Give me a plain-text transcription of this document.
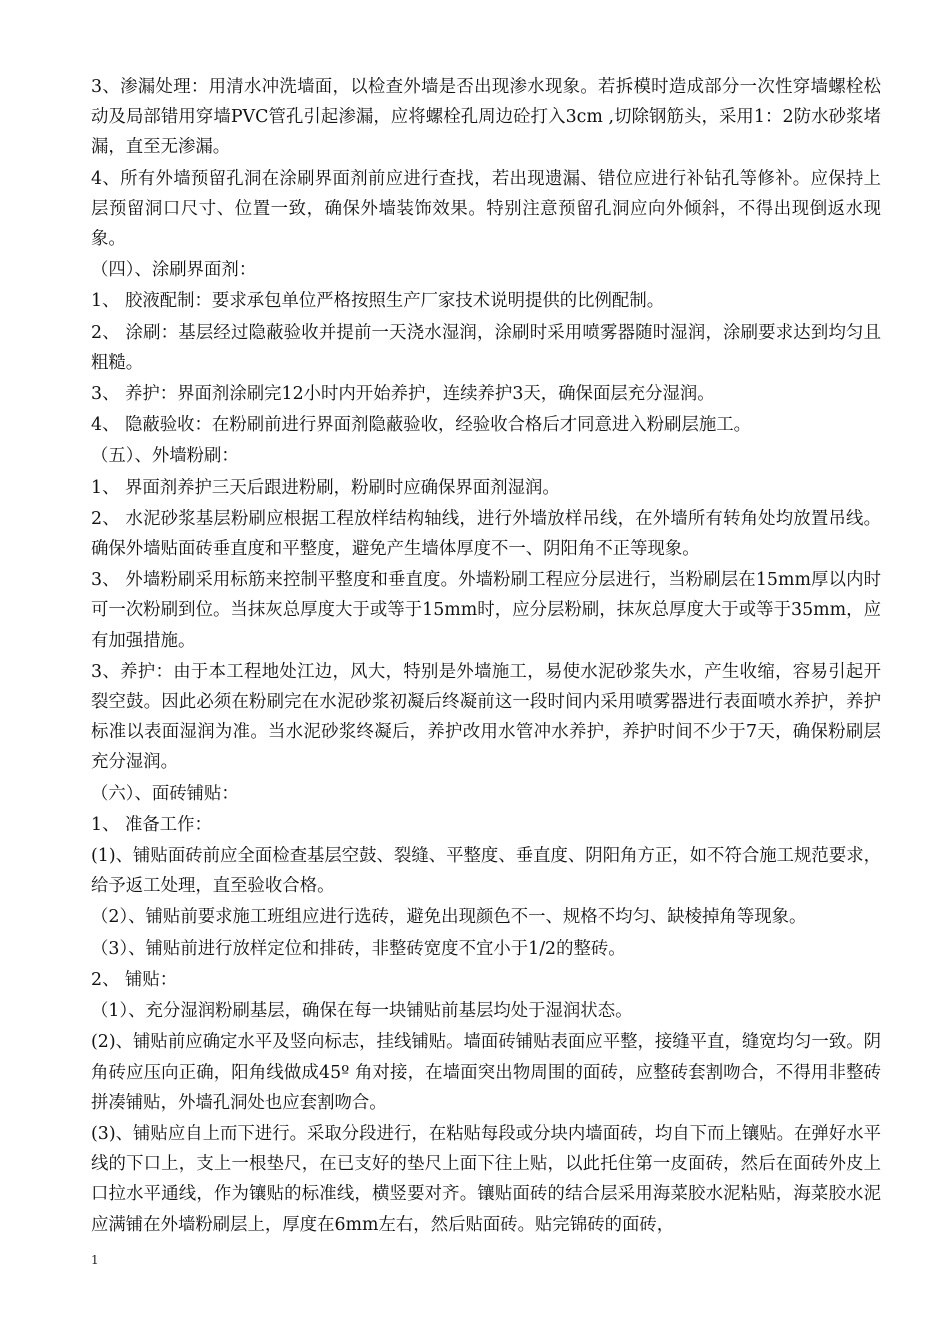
3、渗漏处理：用清水冲洗墙面，以检查外墙是否出现渗水现象。若拆模时造成部分一次性穿墙螺栓松动及局部错用穿墙PVC管孔引起渗漏，应将螺栓孔周边砼打入3cm ,切除钢筋头，采用1：2防水砂浆堵漏，直至无渗漏。

4、所有外墙预留孔洞在涂刷界面剂前应进行查找，若出现遗漏、错位应进行补钻孔等修补。应保持上层预留洞口尺寸、位置一致，确保外墙装饰效果。特别注意预留孔洞应向外倾斜，不得出现倒返水现象。

（四）、涂刷界面剂：

1、 胶液配制：要求承包单位严格按照生产厂家技术说明提供的比例配制。

2、 涂刷：基层经过隐蔽验收并提前一天浇水湿润，涂刷时采用喷雾器随时湿润，涂刷要求达到均匀且粗糙。

3、 养护：界面剂涂刷完12小时内开始养护，连续养护3天，确保面层充分湿润。

4、 隐蔽验收：在粉刷前进行界面剂隐蔽验收，经验收合格后才同意进入粉刷层施工。

（五）、外墙粉刷：

1、 界面剂养护三天后跟进粉刷，粉刷时应确保界面剂湿润。

2、 水泥砂浆基层粉刷应根据工程放样结构轴线，进行外墙放样吊线，在外墙所有转角处均放置吊线。确保外墙贴面砖垂直度和平整度，避免产生墙体厚度不一、阴阳角不正等现象。

3、 外墙粉刷采用标筋来控制平整度和垂直度。外墙粉刷工程应分层进行，当粉刷层在15mm厚以内时可一次粉刷到位。当抹灰总厚度大于或等于15mm时，应分层粉刷，抹灰总厚度大于或等于35mm，应有加强措施。

3、养护：由于本工程地处江边，风大，特别是外墙施工，易使水泥砂浆失水，产生收缩，容易引起开裂空鼓。因此必须在粉刷完在水泥砂浆初凝后终凝前这一段时间内采用喷雾器进行表面喷水养护，养护标准以表面湿润为准。当水泥砂浆终凝后，养护改用水管冲水养护，养护时间不少于7天，确保粉刷层充分湿润。

（六）、面砖铺贴：

1、 准备工作：

(1)、铺贴面砖前应全面检查基层空鼓、裂缝、平整度、垂直度、阴阳角方正，如不符合施工规范要求，给予返工处理，直至验收合格。

（2）、铺贴前要求施工班组应进行选砖，避免出现颜色不一、规格不均匀、缺棱掉角等现象。

（3）、铺贴前进行放样定位和排砖，非整砖宽度不宜小于1/2的整砖。

2、 铺贴：

（1）、充分湿润粉刷基层，确保在每一块铺贴前基层均处于湿润状态。

(2)、铺贴前应确定水平及竖向标志，挂线铺贴。墙面砖铺贴表面应平整，接缝平直，缝宽均匀一致。阴角砖应压向正确，阳角线做成45º 角对接，在墙面突出物周围的面砖，应整砖套割吻合，不得用非整砖拼凑铺贴，外墙孔洞处也应套割吻合。

(3)、铺贴应自上而下进行。采取分段进行，在粘贴每段或分块内墙面砖，均自下而上镶贴。在弹好水平线的下口上，支上一根垫尺，在已支好的垫尺上面下往上贴，以此托住第一皮面砖，然后在面砖外皮上口拉水平通线，作为镶贴的标准线，横竖要对齐。镶贴面砖的结合层采用海菜胶水泥粘贴，海菜胶水泥应满铺在外墙粉刷层上，厚度在6mm左右，然后贴面砖。贴完锦砖的面砖，

1
